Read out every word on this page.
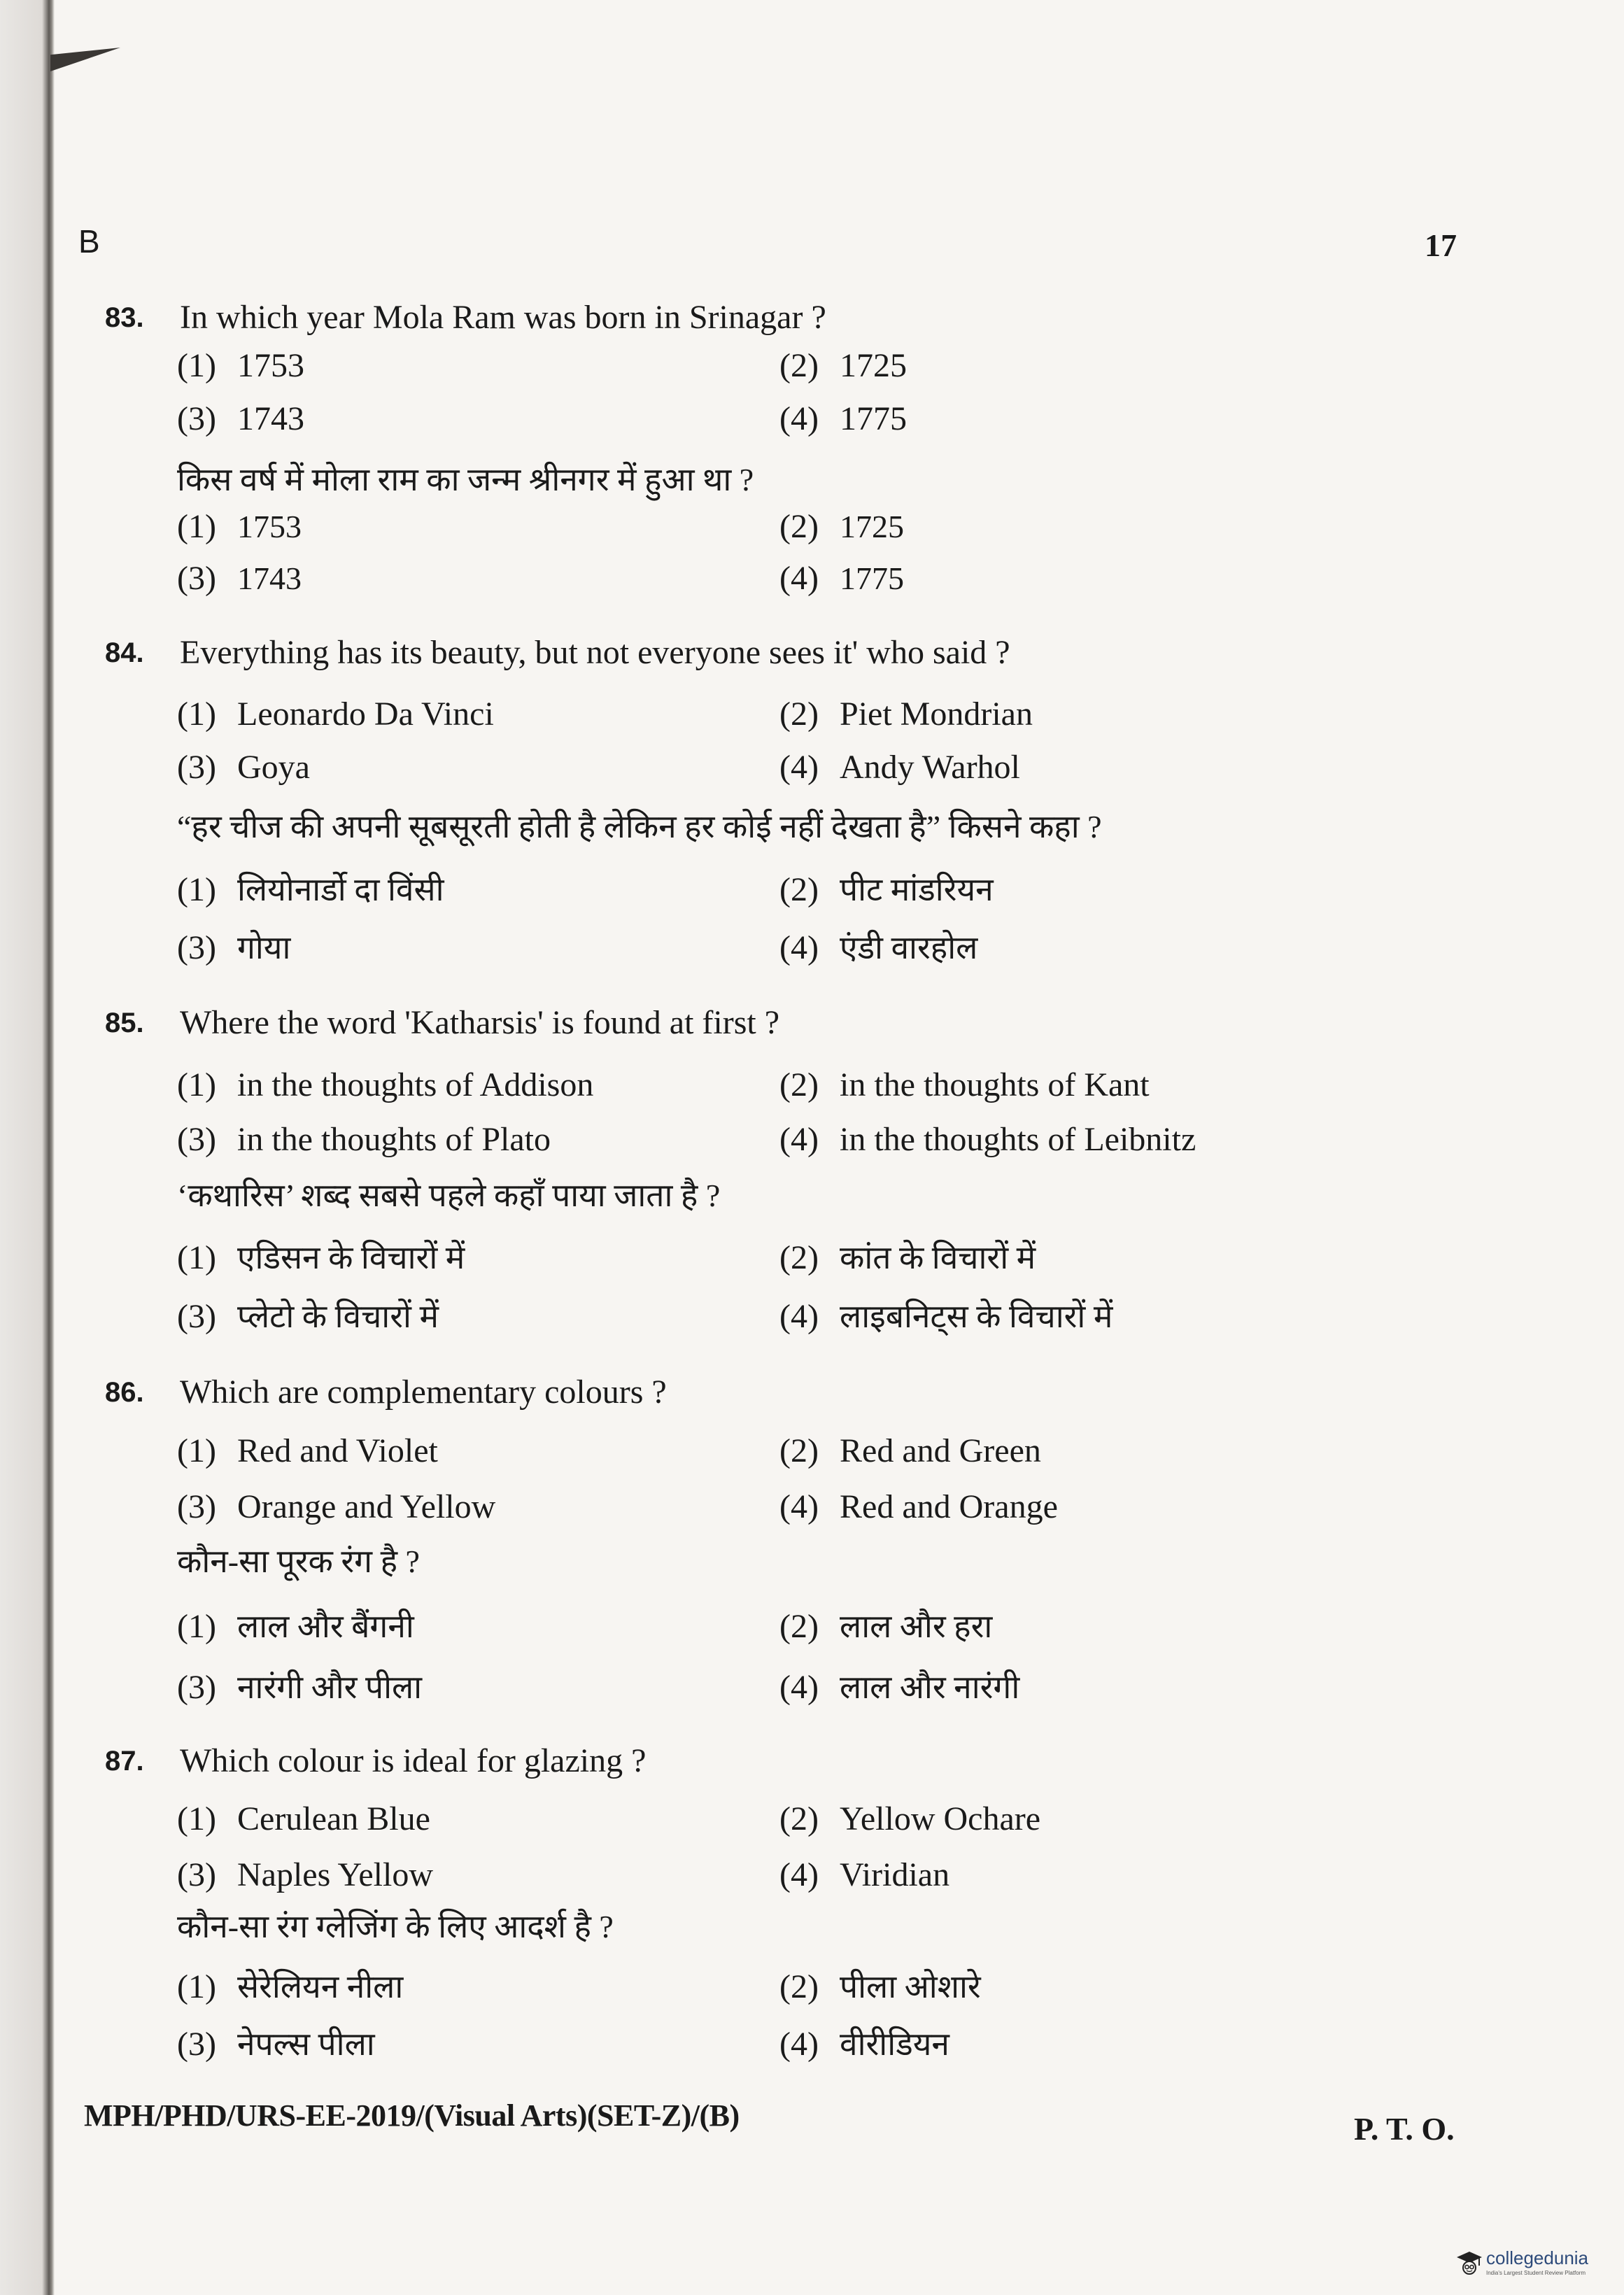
B	17
83. In which year Mola Ram was born in Srinagar ?
(1) 1753	(2) 1725
(3) 1743	(4) 1775
किस वर्ष में मोला राम का जन्म श्रीनगर में हुआ था ?
(1) 1753	(2) 1725
(3) 1743	(4) 1775
84. Everything has its beauty, but not everyone sees it' who said ?
(1) Leonardo Da Vinci	(2) Piet Mondrian
(3) Goya	(4) Andy Warhol
“हर चीज की अपनी सूबसूरती होती है लेकिन हर कोई नहीं देखता है” किसने कहा ?
(1) लियोनार्डो दा विंसी	(2) पीट मांडरियन
(3) गोया	(4) एंडी वारहोल
85. Where the word 'Katharsis' is found at first ?
(1) in the thoughts of Addison	(2) in the thoughts of Kant
(3) in the thoughts of Plato	(4) in the thoughts of Leibnitz
‘कथारिस’ शब्द सबसे पहले कहाँ पाया जाता है ?
(1) एडिसन के विचारों में	(2) कांत के विचारों में
(3) प्लेटो के विचारों में	(4) लाइबनिट्स के विचारों में
86. Which are complementary colours ?
(1) Red and Violet	(2) Red and Green
(3) Orange and Yellow	(4) Red and Orange
कौन-सा पूरक रंग है ?
(1) लाल और बैंगनी	(2) लाल और हरा
(3) नारंगी और पीला	(4) लाल और नारंगी
87. Which colour is ideal for glazing ?
(1) Cerulean Blue	(2) Yellow Ochare
(3) Naples Yellow	(4) Viridian
कौन-सा रंग ग्लेजिंग के लिए आदर्श है ?
(1) सेरेलियन नीला	(2) पीला ओशारे
(3) नेपल्स पीला	(4) वीरीडियन
MPH/PHD/URS-EE-2019/(Visual Arts)(SET-Z)/(B)	P. T. O.
collegedunia
India's Largest Student Review Platform
